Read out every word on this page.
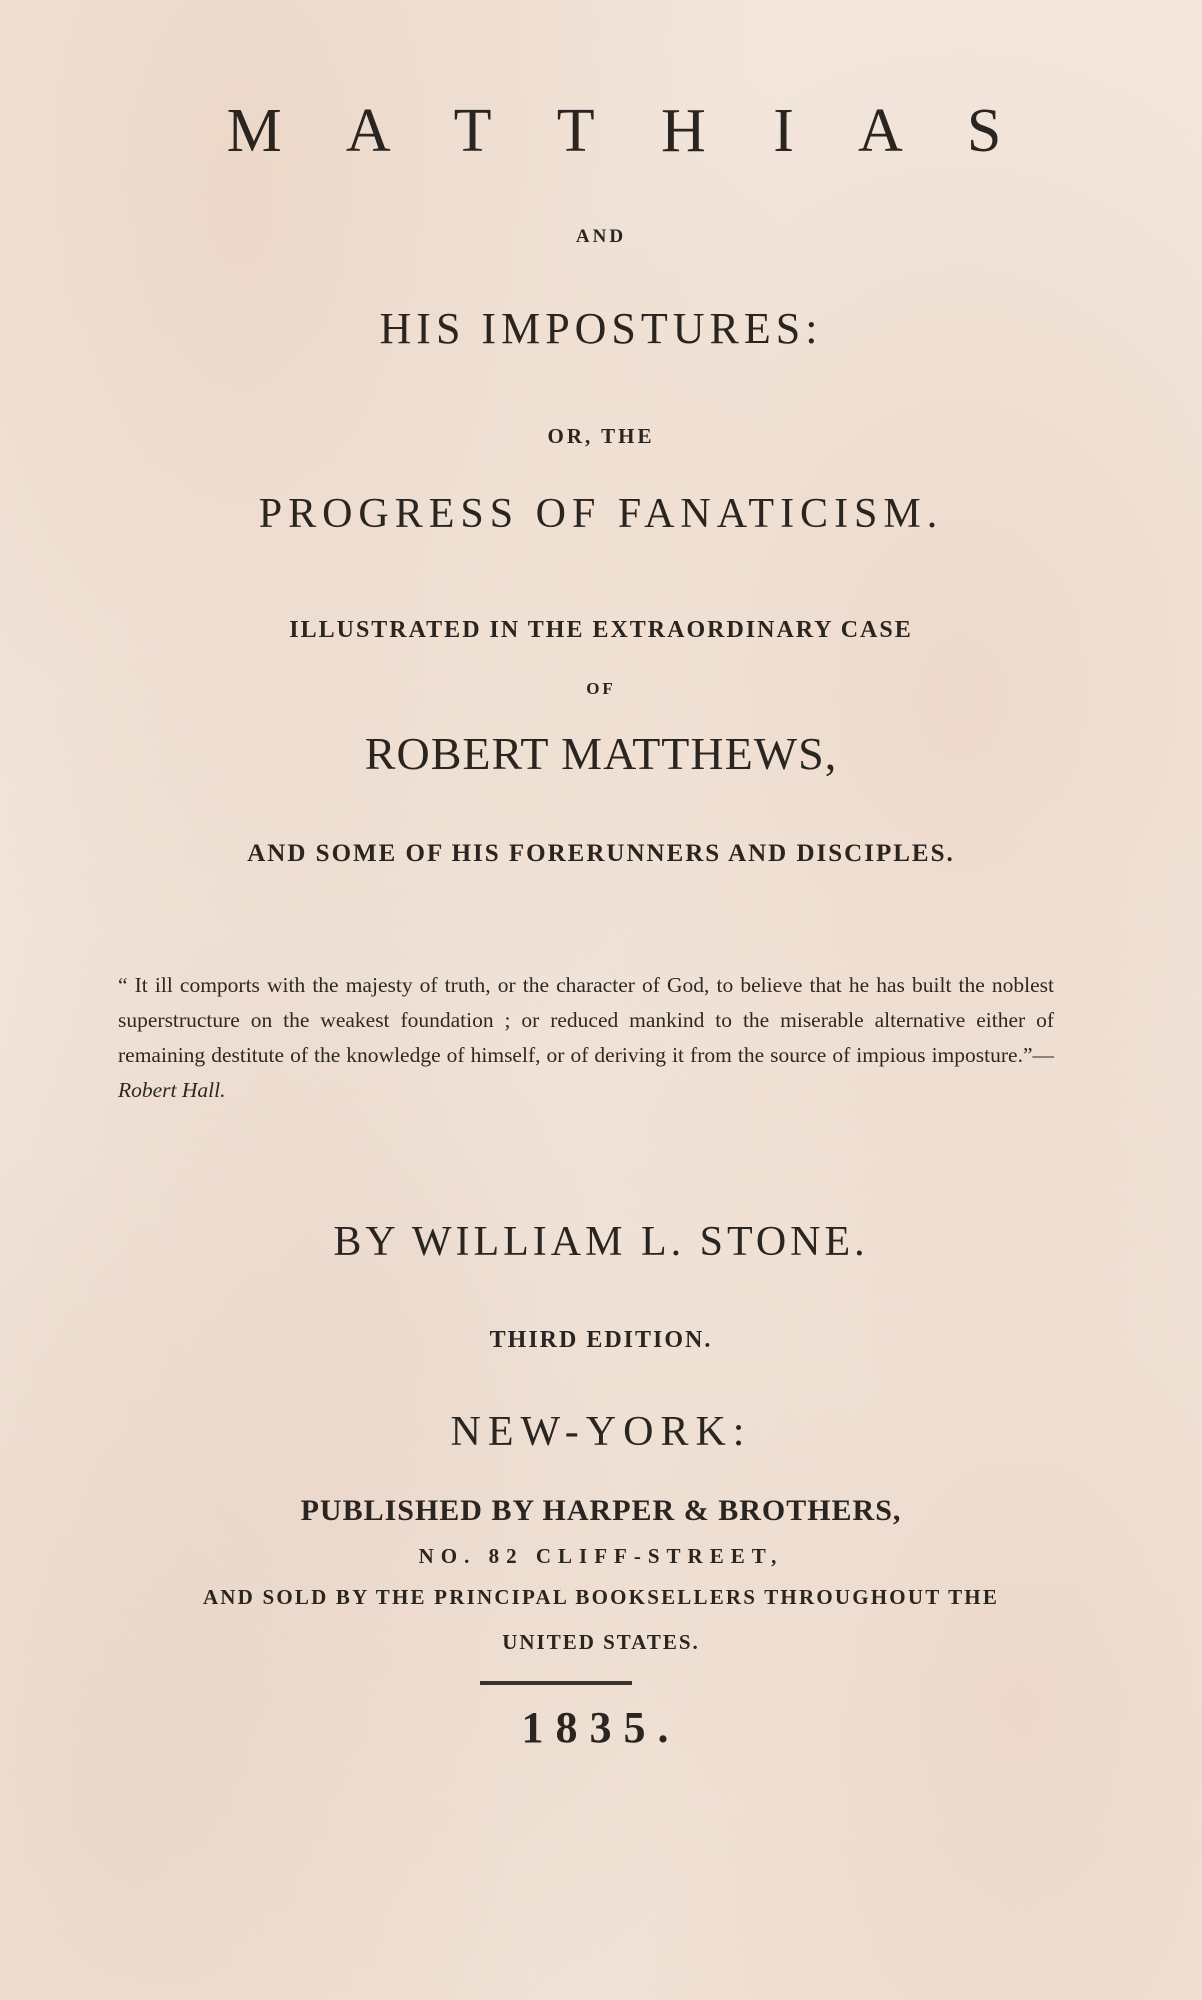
M A T T H I A S
AND
HIS IMPOSTURES:
OR, THE
PROGRESS OF FANATICISM.
ILLUSTRATED IN THE EXTRAORDINARY CASE
OF
ROBERT MATTHEWS,
AND SOME OF HIS FORERUNNERS AND DISCIPLES.
“ It ill comports with the majesty of truth, or the character of God, to believe that he has built the noblest superstructure on the weakest foundation ; or reduced mankind to the miserable alternative either of remaining destitute of the knowledge of himself, or of deriving it from the source of impious imposture.”—Robert Hall.
BY WILLIAM L. STONE.
THIRD EDITION.
NEW-YORK:
PUBLISHED BY HARPER & BROTHERS,
NO. 82 CLIFF-STREET,
AND SOLD BY THE PRINCIPAL BOOKSELLERS THROUGHOUT THE
UNITED STATES.
1835.
